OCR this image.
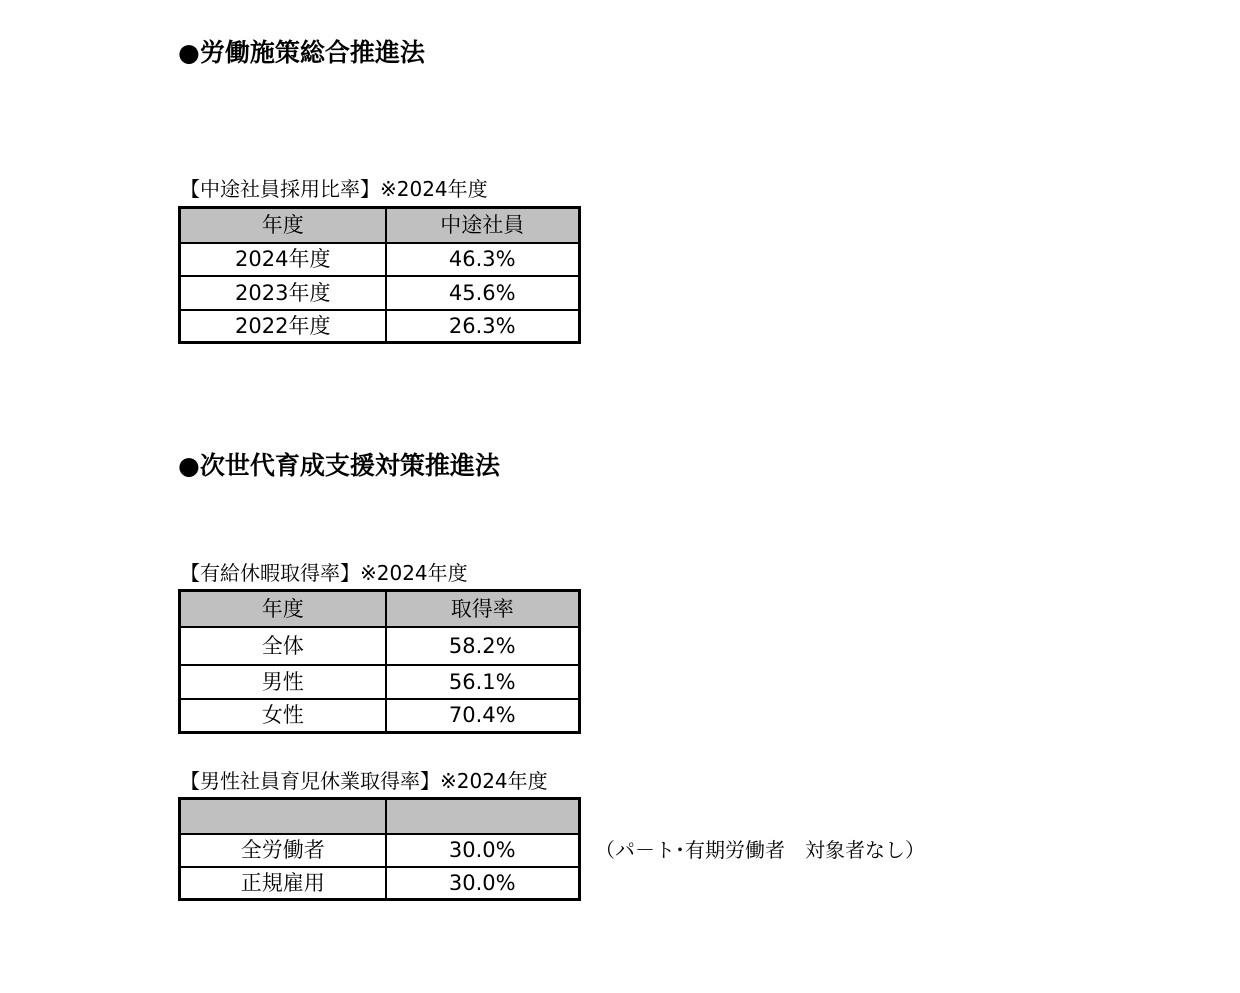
●労働施策総合推進法
【中途社員採用比率】※2024年度
年度	中途社員
2024年度	46.3%
2023年度	45.6%
2022年度	26.3%
●次世代育成支援対策推進法
【有給休暇取得率】※2024年度
年度	取得率
全体	58.2%
男性	56.1%
女性	70.4%
【男性社員育児休業取得率】※2024年度

全労働者	30.0%
正規雇用	30.0%
（パ－ト･有期労働者　対象者なし）
